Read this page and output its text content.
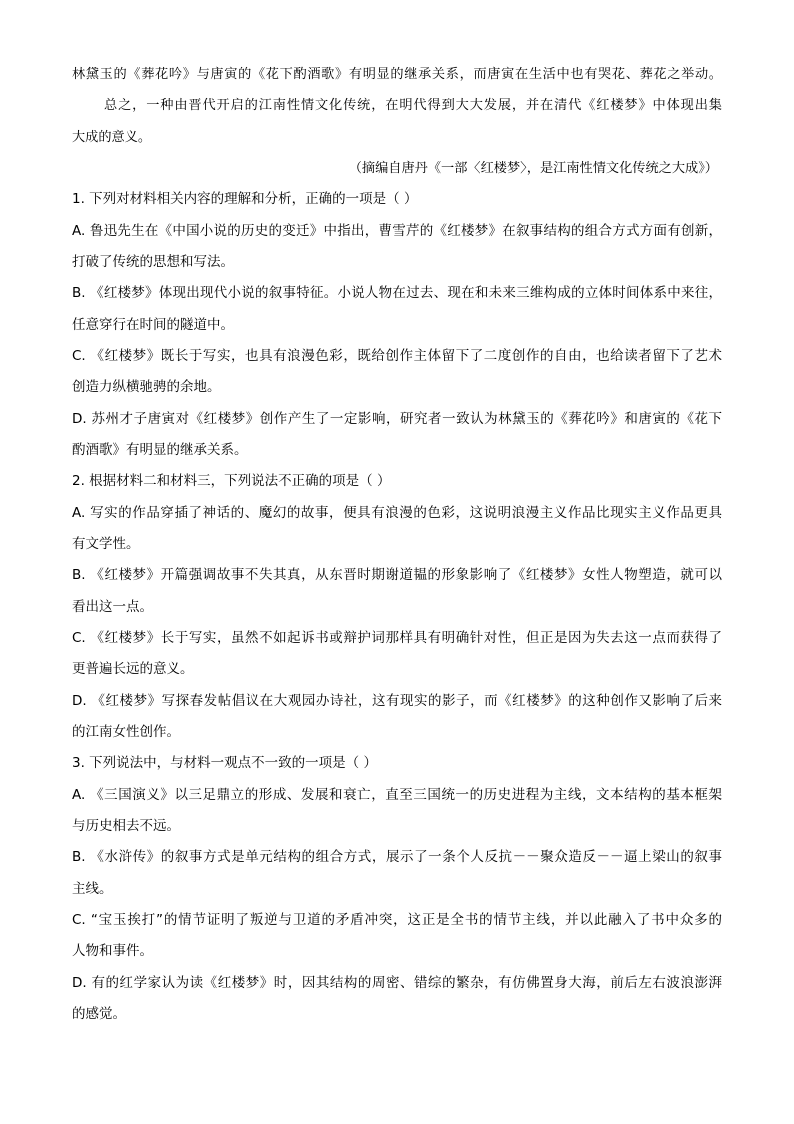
林黛玉的《葬花吟》与唐寅的《花下酌酒歌》有明显的继承关系，而唐寅在生活中也有哭花、葬花之举动。
总之，一种由晋代开启的江南性情文化传统，在明代得到大大发展，并在清代《红楼梦》中体现出集
大成的意义。
（摘编自唐丹《一部〈红楼梦〉，是江南性情文化传统之大成》）
1. 下列对材料相关内容的理解和分析，正确的一项是（ ）
A. 鲁迅先生在《中国小说的历史的变迁》中指出，曹雪芹的《红楼梦》在叙事结构的组合方式方面有创新，
打破了传统的思想和写法。
B. 《红楼梦》体现出现代小说的叙事特征。小说人物在过去、现在和未来三维构成的立体时间体系中来往，
任意穿行在时间的隧道中。
C. 《红楼梦》既长于写实，也具有浪漫色彩，既给创作主体留下了二度创作的自由，也给读者留下了艺术
创造力纵横驰骋的余地。
D. 苏州才子唐寅对《红楼梦》创作产生了一定影响，研究者一致认为林黛玉的《葬花吟》和唐寅的《花下
酌酒歌》有明显的继承关系。
2. 根据材料二和材料三，下列说法不正确的项是（ ）
A. 写实的作品穿插了神话的、魔幻的故事，便具有浪漫的色彩，这说明浪漫主义作品比现实主义作品更具
有文学性。
B. 《红楼梦》开篇强调故事不失其真，从东晋时期谢道韫的形象影响了《红楼梦》女性人物塑造，就可以
看出这一点。
C. 《红楼梦》长于写实，虽然不如起诉书或辩护词那样具有明确针对性，但正是因为失去这一点而获得了
更普遍长远的意义。
D. 《红楼梦》写探春发帖倡议在大观园办诗社，这有现实的影子，而《红楼梦》的这种创作又影响了后来
的江南女性创作。
3. 下列说法中，与材料一观点不一致的一项是（ ）
A. 《三国演义》以三足鼎立的形成、发展和衰亡，直至三国统一的历史进程为主线，文本结构的基本框架
与历史相去不远。
B. 《水浒传》的叙事方式是单元结构的组合方式，展示了一条个人反抗－－聚众造反－－逼上梁山的叙事
主线。
C. “宝玉挨打”的情节证明了叛逆与卫道的矛盾冲突，这正是全书的情节主线，并以此融入了书中众多的
人物和事件。
D. 有的红学家认为读《红楼梦》时，因其结构的周密、错综的繁杂，有仿佛置身大海，前后左右波浪澎湃
的感觉。
